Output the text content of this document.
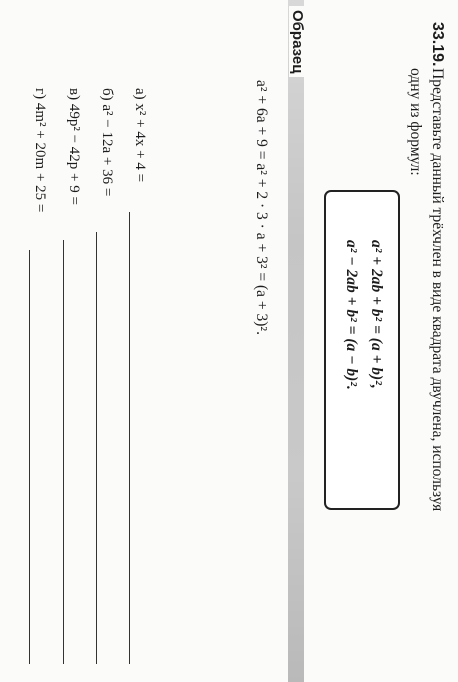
33.19.
Представьте данный трёхчлен в виде квадрата двучлена, используя
одну из формул:
a² + 2ab + b² = (a + b)²,
a² − 2ab + b² = (a − b)².
Образец
a² + 6a + 9 = a² + 2 · 3 · a + 3² = (a + 3)².
а) x² + 4x + 4 =
б) a² − 12a + 36 =
в) 49p² − 42p + 9 =
г) 4m² + 20m + 25 =
